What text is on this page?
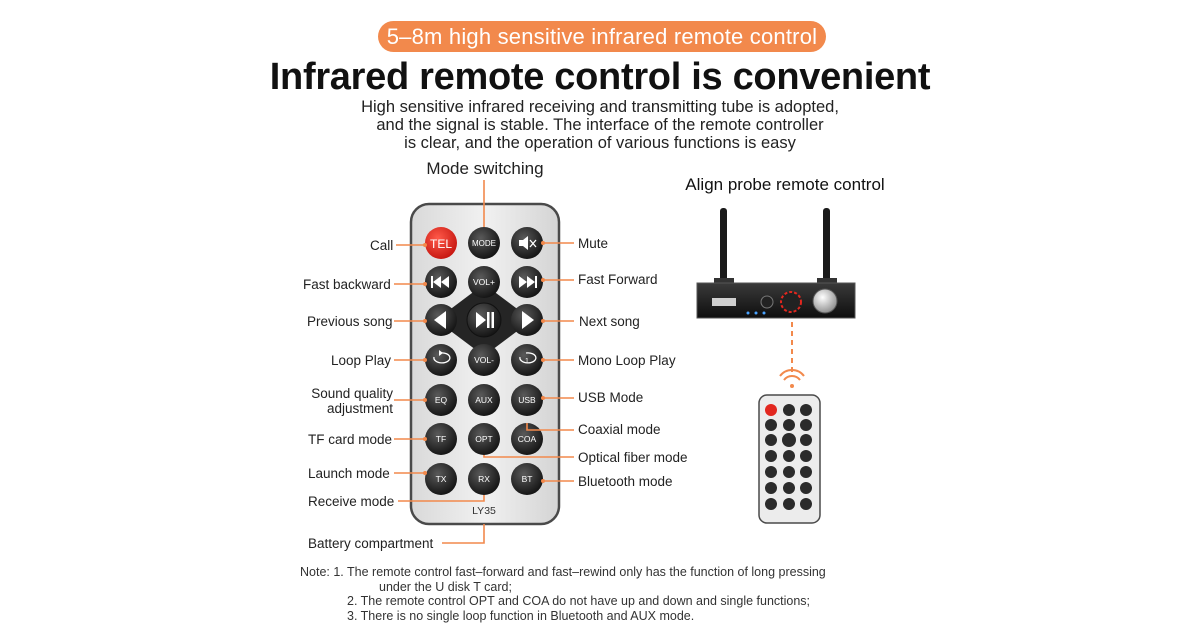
5–8m high sensitive infrared remote control
Infrared remote control is convenient
High sensitive infrared receiving and transmitting tube is adopted,
and the signal is stable. The interface of the remote controller
is clear, and the operation of various functions is easy
Mode switching
Align probe remote control
TEL MODE
VOL+
VOL-	1
EQ	AUX	USB
TF	OPT	COA
TX	RX	BT
LY35
Call
Fast backward
Previous song
Loop Play
Sound quality
adjustment
TF card mode
Launch mode
Receive mode
Battery compartment
Mute
Fast Forward
Next song
Mono Loop Play
USB Mode
Coaxial mode
Optical fiber mode
Bluetooth mode
Note: 1. The remote control fast–forward and fast–rewind only has the function of long pressing
under the U disk T card;
2. The remote control OPT and COA do not have up and down and single functions;
3. There is no single loop function in Bluetooth and AUX mode.
